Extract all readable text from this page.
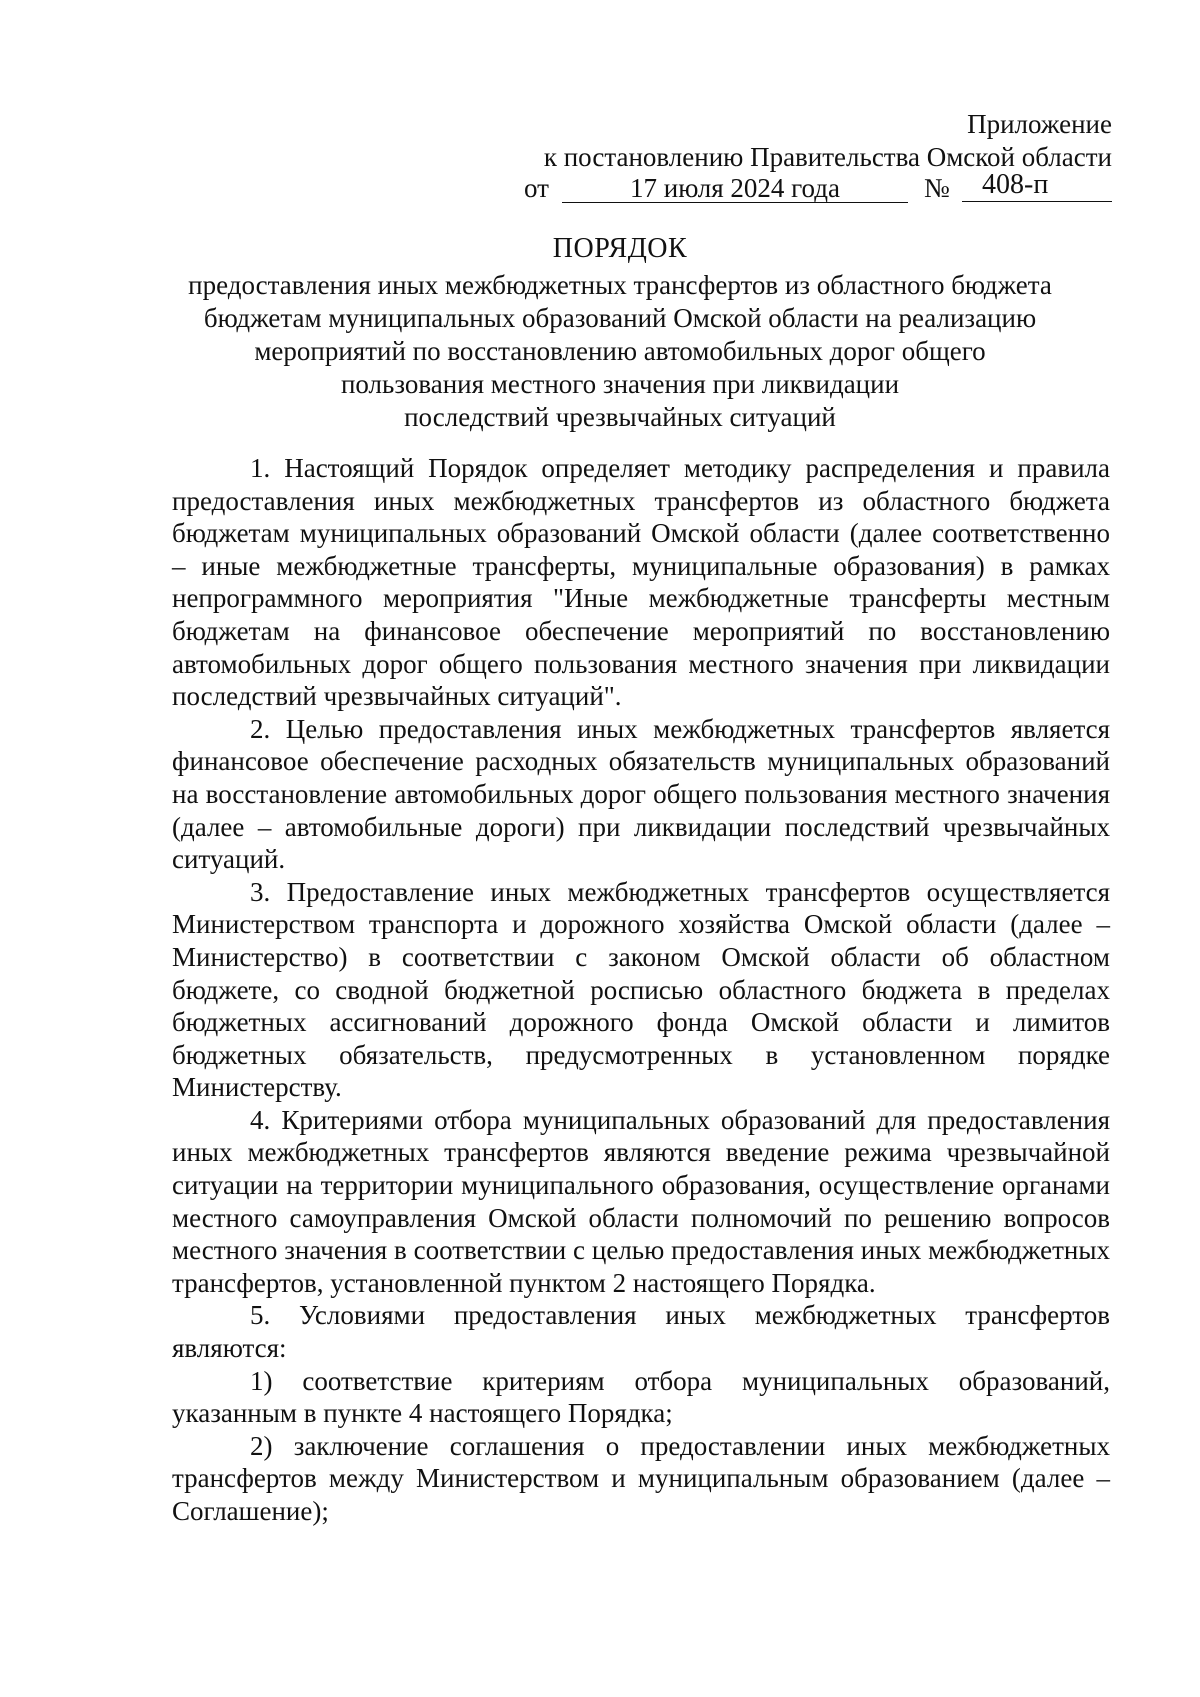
Приложение
к постановлению Правительства Омской области
от	17 июля 2024 года	№	408-п
ПОРЯДОК
предоставления иных межбюджетных трансфертов из областного бюджета
бюджетам муниципальных образований Омской области на реализацию
мероприятий по восстановлению автомобильных дорог общего
пользования местного значения при ликвидации
последствий чрезвычайных ситуаций

1. Настоящий Порядок определяет методику распределения и правила предоставления иных межбюджетных трансфертов из областного бюджета бюджетам муниципальных образований Омской области (далее соответственно – иные межбюджетные трансферты, муниципальные образования) в рамках непрограммного мероприятия "Иные межбюджетные трансферты местным бюджетам на финансовое обеспечение мероприятий по восстановлению автомобильных дорог общего пользования местного значения при ликвидации последствий чрезвычайных ситуаций".

2. Целью предоставления иных межбюджетных трансфертов является финансовое обеспечение расходных обязательств муниципальных образований на восстановление автомобильных дорог общего пользования местного значения (далее – автомобильные дороги) при ликвидации последствий чрезвычайных ситуаций.

3. Предоставление иных межбюджетных трансфертов осуществляется Министерством транспорта и дорожного хозяйства Омской области (далее – Министерство) в соответствии с законом Омской области об областном бюджете, со сводной бюджетной росписью областного бюджета в пределах бюджетных ассигнований дорожного фонда Омской области и лимитов бюджетных обязательств, предусмотренных в установленном порядке Министерству.

4. Критериями отбора муниципальных образований для предоставления иных межбюджетных трансфертов являются введение режима чрезвычайной ситуации на территории муниципального образования, осуществление органами местного самоуправления Омской области полномочий по решению вопросов местного значения в соответствии с целью предоставления иных межбюджетных трансфертов, установленной пунктом 2 настоящего Порядка.

5. Условиями предоставления иных межбюджетных трансфертов являются:

1) соответствие критериям отбора муниципальных образований, указанным в пункте 4 настоящего Порядка;

2) заключение соглашения о предоставлении иных межбюджетных трансфертов между Министерством и муниципальным образованием (далее – Соглашение);
